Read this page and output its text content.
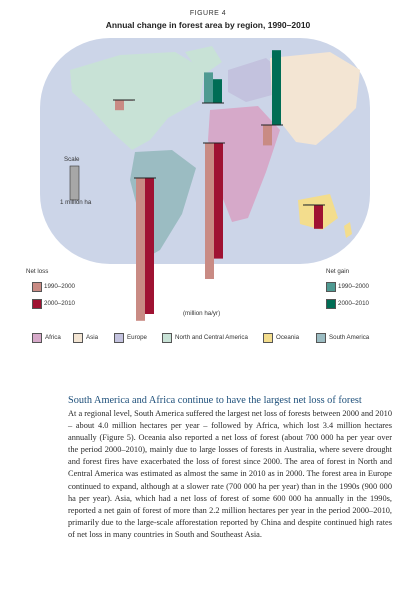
FIGURE 4
Annual change in forest area by region, 1990–2010
Scale
1 million ha
Net loss
1990–2000
2000–2010
Net gain
1990–2000
2000–2010
(million ha/yr)
Africa	Asia	Europe	North and Central America	Oceania	South America
South America and Africa continue to have the largest net loss of forest
At a regional level, South America suffered the largest net loss of forests between 2000 and 2010 – about 4.0 million hectares per year – followed by Africa, which lost 3.4 million hectares annually (Figure 5). Oceania also reported a net loss of forest (about 700 000 ha per year over the period 2000–2010), mainly due to large losses of forests in Australia, where severe drought and forest fires have exacerbated the loss of forest since 2000. The area of forest in North and Central America was estimated as almost the same in 2010 as in 2000. The forest area in Europe continued to expand, although at a slower rate (700 000 ha per year) than in the 1990s (900 000 ha per year). Asia, which had a net loss of forest of some 600 000 ha annually in the 1990s, reported a net gain of forest of more than 2.2 million hectares per year in the period 2000–2010, primarily due to the large-scale afforestation reported by China and despite continued high rates of net loss in many countries in South and Southeast Asia.
